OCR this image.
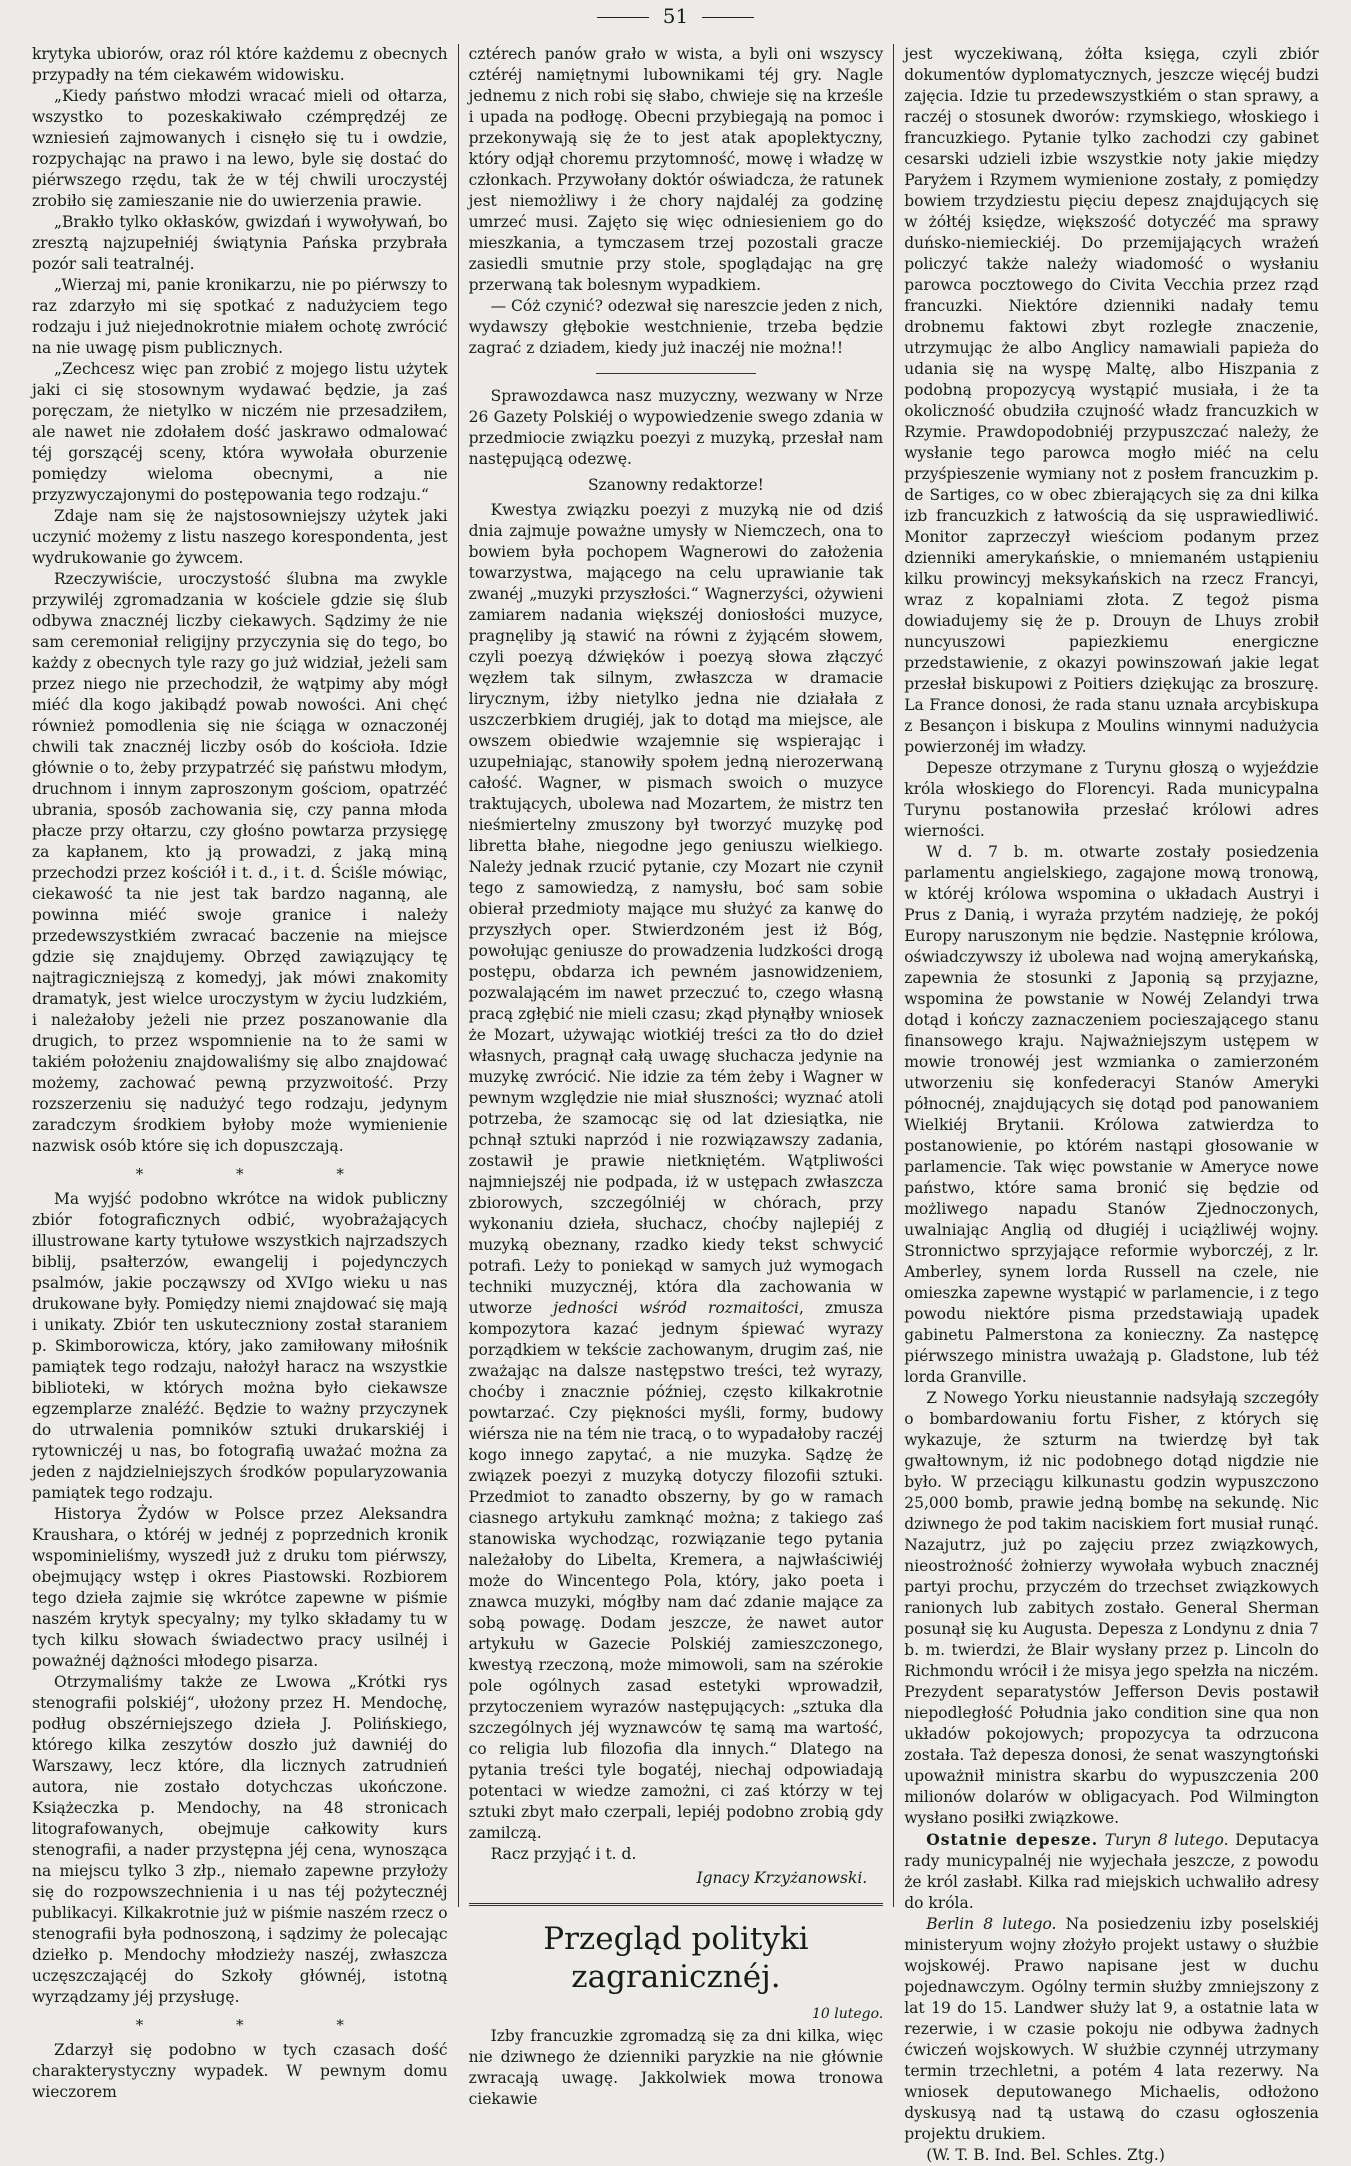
51

krytyka ubiorów, oraz ról które każdemu z obecnych przypadły na tém ciekawém widowisku.

„Kiedy państwo młodzi wracać mieli od ołtarza, wszystko to pozeskakiwało czémprędzéj ze wzniesień zajmowanych i cisnęło się tu i owdzie, rozpychając na prawo i na lewo, byle się dostać do piérwszego rzędu, tak że w téj chwili uroczystéj zrobiło się zamieszanie nie do uwierzenia prawie.

„Brakło tylko okłasków, gwizdań i wywoływań, bo zresztą najzupełniéj świątynia Pańska przybrała pozór sali teatralnéj.

„Wierzaj mi, panie kronikarzu, nie po piérwszy to raz zdarzyło mi się spotkać z nadużyciem tego rodzaju i już niejednokrotnie miałem ochotę zwrócić na nie uwagę pism publicznych.

„Zechcesz więc pan zrobić z mojego listu użytek jaki ci się stosownym wydawać będzie, ja zaś poręczam, że nietylko w niczém nie przesadziłem, ale nawet nie zdołałem dość jaskrawo odmalować téj gorszącéj sceny, która wywołała oburzenie pomiędzy wieloma obecnymi, a nie przyzwyczajonymi do postępowania tego rodzaju.“

Zdaje nam się że najstosowniejszy użytek jaki uczynić możemy z listu naszego korespondenta, jest wydrukowanie go żywcem.

Rzeczywiście, uroczystość ślubna ma zwykle przywiléj zgromadzania w kościele gdzie się ślub odbywa znacznéj liczby ciekawych. Sądzimy że nie sam ceremoniał religijny przyczynia się do tego, bo każdy z obecnych tyle razy go już widział, jeżeli sam przez niego nie przechodził, że wątpimy aby mógł miéć dla kogo jakibądź powab nowości. Ani chęć również pomodlenia się nie ściąga w oznaczonéj chwili tak znacznéj liczby osób do kościoła. Idzie głównie o to, żeby przypatrzéć się państwu młodym, druchnom i innym zaproszonym gościom, opatrzéć ubrania, sposób zachowania się, czy panna młoda płacze przy ołtarzu, czy głośno powtarza przysięgę za kapłanem, kto ją prowadzi, z jaką miną przechodzi przez kościół i t. d., i t. d. Ściśle mówiąc, ciekawość ta nie jest tak bardzo naganną, ale powinna miéć swoje granice i należy przedewszystkiém zwracać baczenie na miejsce gdzie się znajdujemy. Obrzęd zawiązujący tę najtragiczniejszą z komedyj, jak mówi znakomity dramatyk, jest wielce uroczystym w życiu ludzkiém, i należałoby jeżeli nie przez poszanowanie dla drugich, to przez wspomnienie na to że sami w takiém położeniu znajdowaliśmy się albo znajdować możemy, zachować pewną przyzwoitość. Przy rozszerzeniu się nadużyć tego rodzaju, jedynym zaradczym środkiem byłoby może wymienienie nazwisk osób które się ich dopuszczają.

* * *

Ma wyjść podobno wkrótce na widok publiczny zbiór fotograficznych odbić, wyobrażających illustrowane karty tytułowe wszystkich najrzadszych biblij, psałterzów, ewangelij i pojedynczych psalmów, jakie począwszy od XVIgo wieku u nas drukowane były. Pomiędzy niemi znajdować się mają i unikaty. Zbiór ten uskuteczniony został staraniem p. Skimborowicza, który, jako zamiłowany miłośnik pamiątek tego rodzaju, nałożył haracz na wszystkie biblioteki, w których można było ciekawsze egzemplarze znaléźć. Będzie to ważny przyczynek do utrwalenia pomników sztuki drukarskiéj i rytowniczéj u nas, bo fotografią uważać można za jeden z najdzielniejszych środków popularyzowania pamiątek tego rodzaju.

Historya Żydów w Polsce przez Aleksandra Kraushara, o któréj w jednéj z poprzednich kronik wspominieliśmy, wyszedł już z druku tom piérwszy, obejmujący wstęp i okres Piastowski. Rozbiorem tego dzieła zajmie się wkrótce zapewne w piśmie naszém krytyk specyalny; my tylko składamy tu w tych kilku słowach świadectwo pracy usilnéj i poważnéj dążności młodego pisarza.

Otrzymaliśmy także ze Lwowa „Krótki rys stenografii polskiéj“, ułożony przez H. Mendochę, podług obszérniejszego dzieła J. Polińskiego, którego kilka zeszytów doszło już dawniéj do Warszawy, lecz które, dla licznych zatrudnień autora, nie zostało dotychczas ukończone. Książeczka p. Mendochy, na 48 stronicach litografowanych, obejmuje całkowity kurs stenografii, a nader przystępna jéj cena, wynosząca na miejscu tylko 3 złp., niemało zapewne przyłoży się do rozpowszechnienia i u nas téj pożytecznéj publikacyi. Kilkakrotnie już w piśmie naszém rzecz o stenografii była podnoszoną, i sądzimy że polecając dziełko p. Mendochy młodzieży naszéj, zwłaszcza uczęszczającéj do Szkoły głównéj, istotną wyrządzamy jéj przysługę.

* * *

Zdarzył się podobno w tych czasach dość charakterystyczny wypadek. W pewnym domu wieczorem

cztérech panów grało w wista, a byli oni wszyscy cztéréj namiętnymi lubownikami téj gry. Nagle jednemu z nich robi się słabo, chwieje się na krześle i upada na podłogę. Obecni przybiegają na pomoc i przekonywają się że to jest atak apoplektyczny, który odjął choremu przytomność, mowę i władzę w członkach. Przywołany doktór oświadcza, że ratunek jest niemożliwy i że chory najdaléj za godzinę umrzeć musi. Zajęto się więc odniesieniem go do mieszkania, a tymczasem trzej pozostali gracze zasiedli smutnie przy stole, spoglądając na grę przerwaną tak bolesnym wypadkiem.

— Cóż czynić? odezwał się nareszcie jeden z nich, wydawszy głębokie westchnienie, trzeba będzie zagrać z dziadem, kiedy już inaczéj nie można!!

Sprawozdawca nasz muzyczny, wezwany w Nrze 26 Gazety Polskiéj o wypowiedzenie swego zdania w przedmiocie związku poezyi z muzyką, przesłał nam następującą odezwę.

Szanowny redaktorze!

Kwestya związku poezyi z muzyką nie od dziś dnia zajmuje poważne umysły w Niemczech, ona to bowiem była pochopem Wagnerowi do założenia towarzystwa, mającego na celu uprawianie tak zwanéj „muzyki przyszłości.“ Wagnerzyści, ożywieni zamiarem nadania większéj doniosłości muzyce, pragnęliby ją stawić na równi z żyjącém słowem, czyli poezyą dźwięków i poezyą słowa złączyć węzłem tak silnym, zwłaszcza w dramacie lirycznym, iżby nietylko jedna nie działała z uszczerbkiem drugiéj, jak to dotąd ma miejsce, ale owszem obiedwie wzajemnie się wspierając i uzupełniając, stanowiły społem jedną nierozerwaną całość. Wagner, w pismach swoich o muzyce traktujących, ubolewa nad Mozartem, że mistrz ten nieśmiertelny zmuszony był tworzyć muzykę pod libretta błahe, niegodne jego geniuszu wielkiego. Należy jednak rzucić pytanie, czy Mozart nie czynił tego z samowiedzą, z namysłu, boć sam sobie obierał przedmioty mające mu służyć za kanwę do przyszłych oper. Stwierdzoném jest iż Bóg, powołując geniusze do prowadzenia ludzkości drogą postępu, obdarza ich pewném jasnowidzeniem, pozwalającém im nawet przeczuć to, czego własną pracą zgłębić nie mieli czasu; zkąd płynąłby wniosek że Mozart, używając wiotkiéj treści za tło do dzieł własnych, pragnął całą uwagę słuchacza jedynie na muzykę zwrócić. Nie idzie za tém żeby i Wagner w pewnym względzie nie miał słuszności; wyznać atoli potrzeba, że szamocąc się od lat dziesiątka, nie pchnął sztuki naprzód i nie rozwiązawszy zadania, zostawił je prawie nietkniętém. Wątpliwości najmniejszéj nie podpada, iż w ustępach zwłaszcza zbiorowych, szczególniéj w chórach, przy wykonaniu dzieła, słuchacz, choćby najlepiéj z muzyką obeznany, rzadko kiedy tekst schwycić potrafi. Leży to poniekąd w samych już wymogach techniki muzycznéj, która dla zachowania w utworze jedności wśród rozmaitości, zmusza kompozytora kazać jednym śpiewać wyrazy porządkiem w tekście zachowanym, drugim zaś, nie zważając na dalsze następstwo treści, też wyrazy, choćby i znacznie później, często kilkakrotnie powtarzać. Czy piękności myśli, formy, budowy wiérsza nie na tém nie tracą, o to wypadałoby raczéj kogo innego zapytać, a nie muzyka. Sądzę że związek poezyi z muzyką dotyczy filozofii sztuki. Przedmiot to zanadto obszerny, by go w ramach ciasnego artykułu zamknąć można; z takiego zaś stanowiska wychodząc, rozwiązanie tego pytania należałoby do Libelta, Kremera, a najwłaściwiéj może do Wincentego Pola, który, jako poeta i znawca muzyki, mógłby nam dać zdanie mające za sobą powagę. Dodam jeszcze, że nawet autor artykułu w Gazecie Polskiéj zamieszczonego, kwestyą rzeczoną, może mimowoli, sam na szérokie pole ogólnych zasad estetyki wprowadził, przytoczeniem wyrazów następujących: „sztuka dla szczególnych jéj wyznawców tę samą ma wartość, co religia lub filozofia dla innych.“ Dlatego na pytania treści tyle bogatéj, niechaj odpowiadają potentaci w wiedze zamożni, ci zaś którzy w tej sztuki zbyt mało czerpali, lepiéj podobno zrobią gdy zamilczą.

Racz przyjąć i t. d.

Ignacy Krzyżanowski.
Przegląd polityki zagranicznéj.
10 lutego.

Izby francuzkie zgromadzą się za dni kilka, więc nie dziwnego że dzienniki paryzkie na nie głównie zwracają uwagę. Jakkolwiek mowa tronowa ciekawie

jest wyczekiwaną, żółta księga, czyli zbiór dokumentów dyplomatycznych, jeszcze więcéj budzi zajęcia. Idzie tu przedewszystkiém o stan sprawy, a raczéj o stosunek dworów: rzymskiego, włoskiego i francuzkiego. Pytanie tylko zachodzi czy gabinet cesarski udzieli izbie wszystkie noty jakie między Paryżem i Rzymem wymienione zostały, z pomiędzy bowiem trzydziestu pięciu depesz znajdujących się w żółtéj księdze, większość dotyczéć ma sprawy duńsko-niemieckiéj. Do przemijających wrażeń policzyć także należy wiadomość o wysłaniu parowca pocztowego do Civita Vecchia przez rząd francuzki. Niektóre dzienniki nadały temu drobnemu faktowi zbyt rozległe znaczenie, utrzymując że albo Anglicy namawiali papieża do udania się na wyspę Maltę, albo Hiszpania z podobną propozycyą wystąpić musiała, i że ta okoliczność obudziła czujność władz francuzkich w Rzymie. Prawdopodobniéj przypuszczać należy, że wysłanie tego parowca mogło miéć na celu przyśpieszenie wymiany not z posłem francuzkim p. de Sartiges, co w obec zbierających się za dni kilka izb francuzkich z łatwością da się usprawiedliwić. Monitor zaprzeczył wieściom podanym przez dzienniki amerykańskie, o mniemaném ustąpieniu kilku prowincyj meksykańskich na rzecz Francyi, wraz z kopalniami złota. Z tegoż pisma dowiadujemy się że p. Drouyn de Lhuys zrobił nuncyuszowi papiezkiemu energiczne przedstawienie, z okazyi powinszowań jakie legat przesłał biskupowi z Poitiers dziękując za broszurę. La France donosi, że rada stanu uznała arcybiskupa z Besançon i biskupa z Moulins winnymi nadużycia powierzonéj im władzy.

Depesze otrzymane z Turynu głoszą o wyjeździe króla włoskiego do Florencyi. Rada municypalna Turynu postanowiła przesłać królowi adres wierności.

W d. 7 b. m. otwarte zostały posiedzenia parlamentu angielskiego, zagajone mową tronową, w któréj królowa wspomina o układach Austryi i Prus z Danią, i wyraża przytém nadzieję, że pokój Europy naruszonym nie będzie. Następnie królowa, oświadczywszy iż ubolewa nad wojną amerykańską, zapewnia że stosunki z Japonią są przyjazne, wspomina że powstanie w Nowéj Zelandyi trwa dotąd i kończy zaznaczeniem pocieszającego stanu finansowego kraju. Najważniejszym ustępem w mowie tronowéj jest wzmianka o zamierzoném utworzeniu się konfederacyi Stanów Ameryki północnéj, znajdujących się dotąd pod panowaniem Wielkiéj Brytanii. Królowa zatwierdza to postanowienie, po którém nastąpi głosowanie w parlamencie. Tak więc powstanie w Ameryce nowe państwo, które sama bronić się będzie od możliwego napadu Stanów Zjednoczonych, uwalniając Anglią od długiéj i uciążliwéj wojny. Stronnictwo sprzyjające reformie wyborczéj, z lr. Amberley, synem lorda Russell na czele, nie omieszka zapewne wystąpić w parlamencie, i z tego powodu niektóre pisma przedstawiają upadek gabinetu Palmerstona za konieczny. Za następcę piérwszego ministra uważają p. Gladstone, lub téż lorda Granville.

Z Nowego Yorku nieustannie nadsyłają szczegóły o bombardowaniu fortu Fisher, z których się wykazuje, że szturm na twierdzę był tak gwałtownym, iż nic podobnego dotąd nigdzie nie było. W przeciągu kilkunastu godzin wypuszczono 25,000 bomb, prawie jedną bombę na sekundę. Nic dziwnego że pod takim naciskiem fort musiał runąć. Nazajutrz, już po zajęciu przez związkowych, nieostrożność żołnierzy wywołała wybuch znacznéj partyi prochu, przyczém do trzechset związkowych ranionych lub zabitych zostało. General Sherman posunął się ku Augusta. Depesza z Londynu z dnia 7 b. m. twierdzi, że Blair wysłany przez p. Lincoln do Richmondu wrócił i że misya jego spełzła na niczém. Prezydent separatystów Jefferson Devis postawił niepodległość Południa jako condition sine qua non układów pokojowych; propozycya ta odrzucona została. Taż depesza donosi, że senat waszyngtoński upoważnił ministra skarbu do wypuszczenia 200 milionów dolarów w obligacyach. Pod Wilmington wysłano posiłki związkowe.

Ostatnie depesze. Turyn 8 lutego. Deputacya rady municypalnéj nie wyjechała jeszcze, z powodu że król zasłabł. Kilka rad miejskich uchwaliło adresy do króla.

Berlin 8 lutego. Na posiedzeniu izby poselskiéj ministeryum wojny złożyło projekt ustawy o służbie wojskowéj. Prawo napisane jest w duchu pojednawczym. Ogólny termin służby zmniejszony z lat 19 do 15. Landwer służy lat 9, a ostatnie lata w rezerwie, i w czasie pokoju nie odbywa żadnych ćwiczeń wojskowych. W służbie czynnéj utrzymany termin trzechletni, a potém 4 lata rezerwy. Na wniosek deputowanego Michaelis, odłożono dyskusyą nad tą ustawą do czasu ogłoszenia projektu drukiem.

(W. T. B. Ind. Bel. Schles. Ztg.)
